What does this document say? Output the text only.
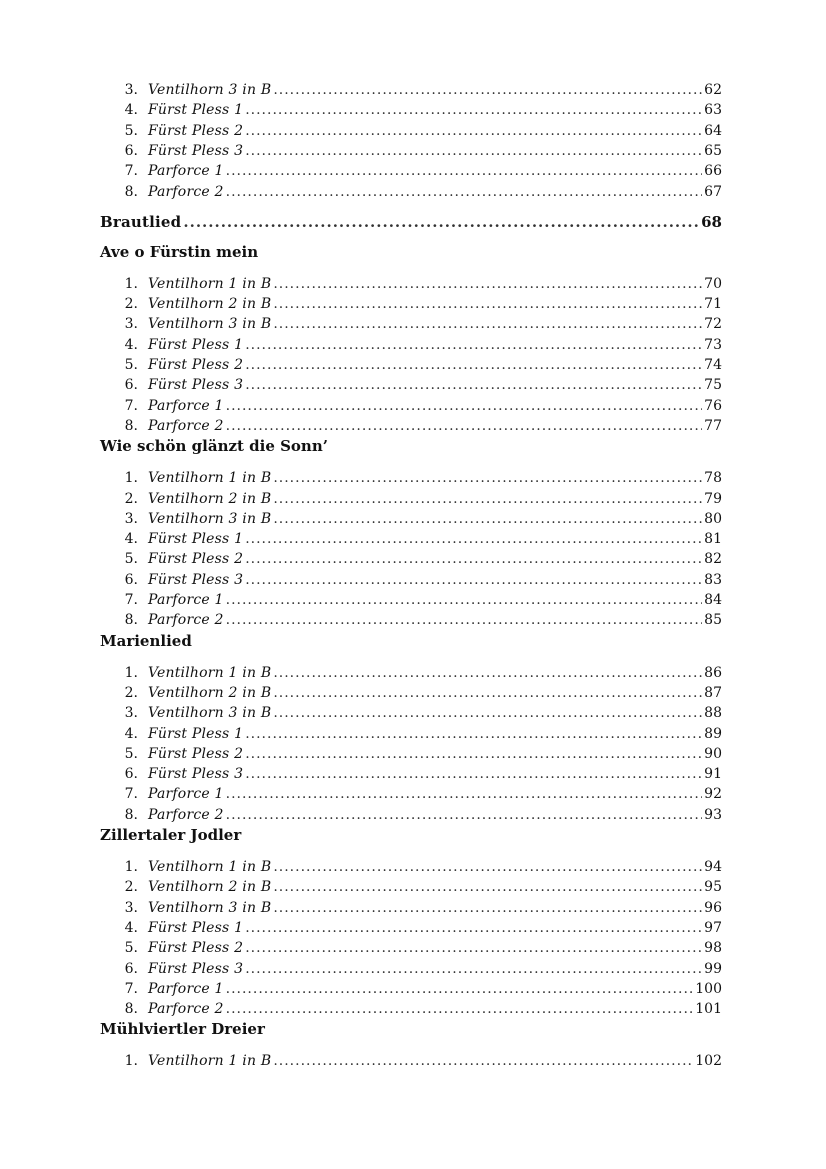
3. Ventilhorn 3 in B .....	62
4. Fürst Pless 1 .....	63
5. Fürst Pless 2 .....	64
6. Fürst Pless 3 .....	65
7. Parforce 1 .....	66
8. Parforce 2 .....	67
Brautlied .....	68
Ave o Fürstin mein
1. Ventilhorn 1 in B .....	70
2. Ventilhorn 2 in B .....	71
3. Ventilhorn 3 in B .....	72
4. Fürst Pless 1 .....	73
5. Fürst Pless 2 .....	74
6. Fürst Pless 3 .....	75
7. Parforce 1 .....	76
8. Parforce 2 .....	77
Wie schön glänzt die Sonn’
1. Ventilhorn 1 in B .....	78
2. Ventilhorn 2 in B .....	79
3. Ventilhorn 3 in B .....	80
4. Fürst Pless 1 .....	81
5. Fürst Pless 2 .....	82
6. Fürst Pless 3 .....	83
7. Parforce 1 .....	84
8. Parforce 2 .....	85
Marienlied
1. Ventilhorn 1 in B .....	86
2. Ventilhorn 2 in B .....	87
3. Ventilhorn 3 in B .....	88
4. Fürst Pless 1 .....	89
5. Fürst Pless 2 .....	90
6. Fürst Pless 3 .....	91
7. Parforce 1 .....	92
8. Parforce 2 .....	93
Zillertaler Jodler
1. Ventilhorn 1 in B .....	94
2. Ventilhorn 2 in B .....	95
3. Ventilhorn 3 in B .....	96
4. Fürst Pless 1 .....	97
5. Fürst Pless 2 .....	98
6. Fürst Pless 3 .....	99
7. Parforce 1 .....	100
8. Parforce 2 .....	101
Mühlviertler Dreier
1. Ventilhorn 1 in B .....	102
